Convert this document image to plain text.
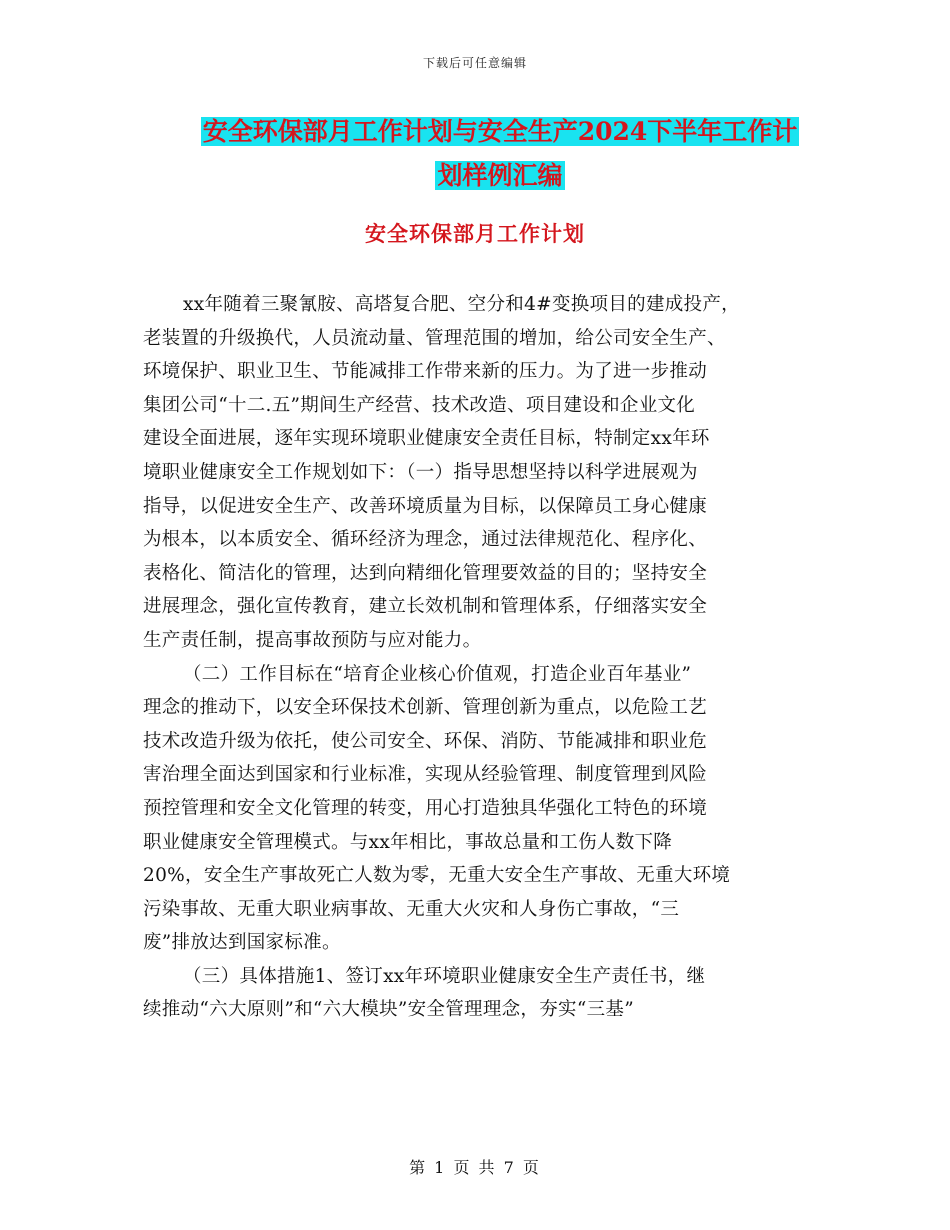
下载后可任意编辑
安全环保部月工作计划与安全生产2024下半年工作计
划样例汇编
安全环保部月工作计划
xx年随着三聚氰胺、高塔复合肥、空分和4#变换项目的建成投产，
老装置的升级换代，人员流动量、管理范围的增加，给公司安全生产、
环境保护、职业卫生、节能减排工作带来新的压力。为了进一步推动
集团公司“十二.五”期间生产经营、技术改造、项目建设和企业文化
建设全面进展，逐年实现环境职业健康安全责任目标，特制定xx年环
境职业健康安全工作规划如下：（一）指导思想坚持以科学进展观为
指导，以促进安全生产、改善环境质量为目标，以保障员工身心健康
为根本，以本质安全、循环经济为理念，通过法律规范化、程序化、
表格化、简洁化的管理，达到向精细化管理要效益的目的；坚持安全
进展理念，强化宣传教育，建立长效机制和管理体系，仔细落实安全
生产责任制，提高事故预防与应对能力。
（二）工作目标在“培育企业核心价值观，打造企业百年基业”
理念的推动下，以安全环保技术创新、管理创新为重点，以危险工艺
技术改造升级为依托，使公司安全、环保、消防、节能减排和职业危
害治理全面达到国家和行业标准，实现从经验管理、制度管理到风险
预控管理和安全文化管理的转变，用心打造独具华强化工特色的环境
职业健康安全管理模式。与xx年相比，事故总量和工伤人数下降
20%，安全生产事故死亡人数为零，无重大安全生产事故、无重大环境
污染事故、无重大职业病事故、无重大火灾和人身伤亡事故，“三
废”排放达到国家标准。
（三）具体措施1、签订xx年环境职业健康安全生产责任书，继
续推动“六大原则”和“六大模块”安全管理理念，夯实“三基”
第 1 页 共 7 页
